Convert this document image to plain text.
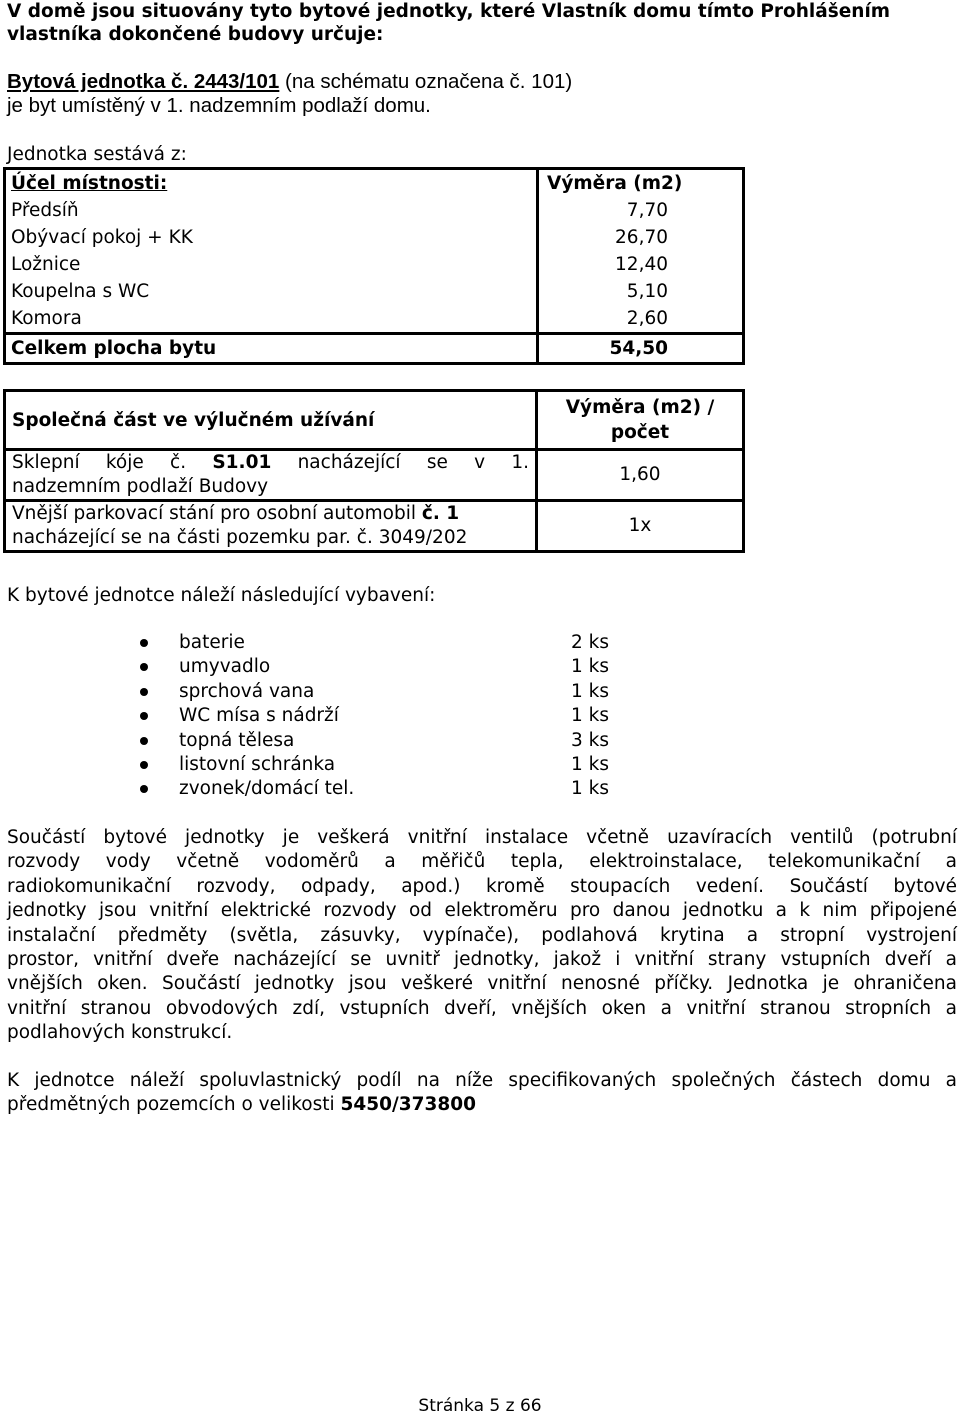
V domě jsou situovány tyto bytové jednotky, které Vlastník domu tímto Prohlášením
vlastníka dokončené budovy určuje:
Bytová jednotka č. 2443/101 (na schématu označena č. 101)
je byt umístěný v 1. nadzemním podlaží domu.
Jednotka sestává z:
Účel místnosti:	Výměra (m2)
Předsíň	7,70
Obývací pokoj + KK	26,70
Ložnice	12,40
Koupelna s WC	5,10
Komora	2,60
Celkem plocha bytu	54,50
Společná část ve výlučném užívání	Výměra (m2) /
počet

Sklepní kóje č. S1.01 nacházející se v 1.
nadzemním podlaží Budovy	1,60

Vnější parkovací stání pro osobní automobil č. 1
nacházející se na části pozemku par. č. 3049/202	1x
K bytové jednotce náleží následující vybavení:
baterie	2 ks
umyvadlo	1 ks
sprchová vana	1 ks
WC mísa s nádrží	1 ks
topná tělesa	3 ks
listovní schránka	1 ks
zvonek/domácí tel.	1 ks
Součástí bytové jednotky je veškerá vnitřní instalace včetně uzavíracích ventilů (potrubní
rozvody vody včetně vodoměrů a měřičů tepla, elektroinstalace, telekomunikační a
radiokomunikační rozvody, odpady, apod.) kromě stoupacích vedení. Součástí bytové
jednotky jsou vnitřní elektrické rozvody od elektroměru pro danou jednotku a k nim připojené
instalační předměty (světla, zásuvky, vypínače), podlahová krytina a stropní vystrojení
prostor, vnitřní dveře nacházející se uvnitř jednotky, jakož i vnitřní strany vstupních dveří a
vnějších oken. Součástí jednotky jsou veškeré vnitřní nenosné příčky. Jednotka je ohraničena
vnitřní stranou obvodových zdí, vstupních dveří, vnějších oken a vnitřní stranou stropních a
podlahových konstrukcí.
K jednotce náleží spoluvlastnický podíl na níže specifikovaných společných částech domu a
předmětných pozemcích o velikosti 5450/373800
Stránka 5 z 66
